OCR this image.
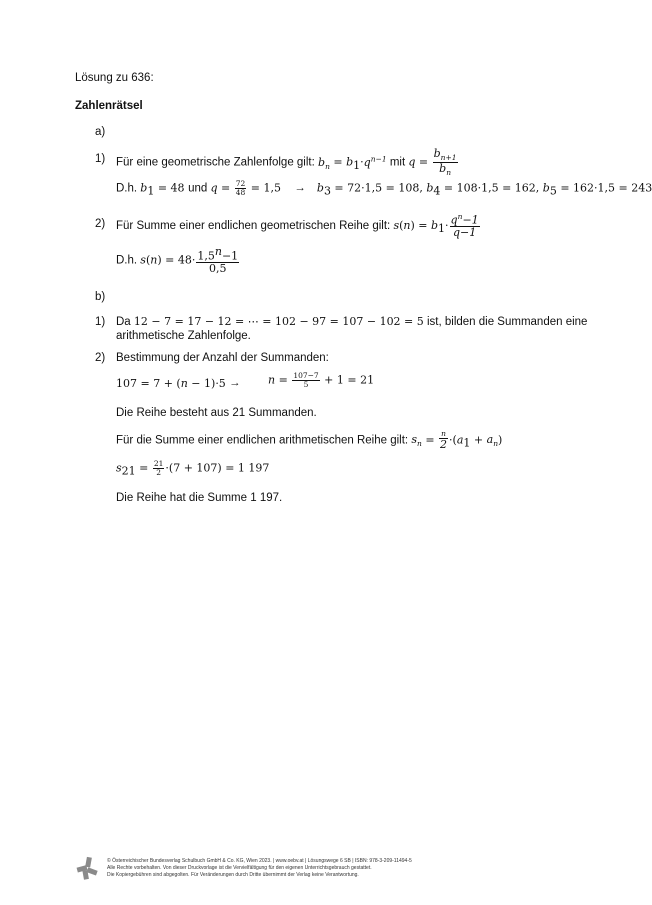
Lösung zu 636:
Zahlenrätsel
a)
1) Für eine geometrische Zahlenfolge gilt: $b_n = b_1\cdot q^{n-1}$ mit $q = \frac{b_{n+1}}{b_n}$
D.h. $b_1 = 48$ und $q = \frac{72}{48} = 1,5 \to b_3 = 72\cdot 1,5 = 108$, $b_4 = 108\cdot 1,5 = 162$, $b_5 = 162\cdot 1,5 = 243$
2) Für Summe einer endlichen geometrischen Reihe gilt: $s(n) = b_1\cdot \frac{q^n-1}{q-1}$
D.h. $s(n) = 48\cdot \frac{1,5^n-1}{0,5}$
b)
1) Da 12 − 7 = 17 − 12 = ⋯ = 102 − 97 = 107 − 102 = 5 ist, bilden die Summanden eine
arithmetische Zahlenfolge.
2) Bestimmung der Anzahl der Summanden:
107 = 7 + (n − 1)·5 →	$n = \frac{107-7}{5} + 1 = 21$
Die Reihe besteht aus 21 Summanden.
Für die Summe einer endlichen arithmetischen Reihe gilt: $s_n = \frac{n}{2} \cdot(a_1 + a_n)$
$s_{21} = \frac{21}{2} \cdot(7 + 107) = 1$ 197
Die Reihe hat die Summe 1 197.
© Österreichischer Bundesverlag Schulbuch GmbH & Co. KG, Wien 2023. | www.oebv.at | Lösungswege 6 SB | ISBN: 978-3-209-11494-5
Alle Rechte vorbehalten. Von dieser Druckvorlage ist die Vervielfältigung für den eigenen Unterrichtsgebrauch gestattet.
Die Kopiergebühren sind abgegolten. Für Veränderungen durch Dritte übernimmt der Verlag keine Verantwortung.
